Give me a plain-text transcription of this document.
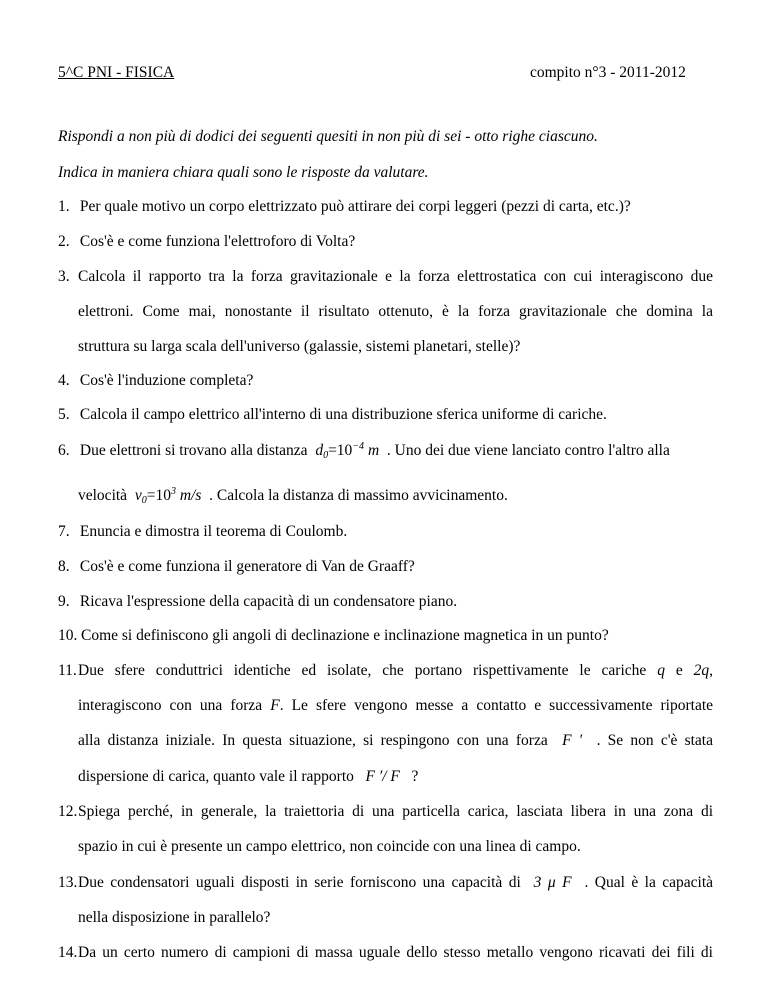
5^C PNI - FISICA	compito n°3 - 2011-2012
Rispondi a non più di dodici dei seguenti quesiti in non più di sei - otto righe ciascuno.
Indica in maniera chiara quali sono le risposte da valutare.
1. Per quale motivo un corpo elettrizzato può attirare dei corpi leggeri (pezzi di carta, etc.)?
2. Cos'è e come funziona l'elettroforo di Volta?
3. Calcola il rapporto tra la forza gravitazionale e la forza elettrostatica con cui interagiscono due
elettroni. Come mai, nonostante il risultato ottenuto, è la forza gravitazionale che domina la
struttura su larga scala dell'universo (galassie, sistemi planetari, stelle)?
4. Cos'è l'induzione completa?
5. Calcola il campo elettrico all'interno di una distribuzione sferica uniforme di cariche.
6. Due elettroni si trovano alla distanza $d_0=10^{-4}$ m . Uno dei due viene lanciato contro l'altro alla
velocità $v_0=10^3$ m/s . Calcola la distanza di massimo avvicinamento.
7. Enuncia e dimostra il teorema di Coulomb.
8. Cos'è e come funziona il generatore di Van de Graaff?
9. Ricava l'espressione della capacità di un condensatore piano.
10. Come si definiscono gli angoli di declinazione e inclinazione magnetica in un punto?
11. Due sfere conduttrici identiche ed isolate, che portano rispettivamente le cariche q e 2q,
interagiscono con una forza F. Le sfere vengono messe a contatto e successivamente riportate
alla distanza iniziale. In questa situazione, si respingono con una forza F ′ . Se non c'è stata
dispersione di carica, quanto vale il rapporto F ′/ F ?
12. Spiega perché, in generale, la traiettoria di una particella carica, lasciata libera in una zona di
spazio in cui è presente un campo elettrico, non coincide con una linea di campo.
13. Due condensatori uguali disposti in serie forniscono una capacità di 3 μ F . Qual è la capacità
nella disposizione in parallelo?
14. Da un certo numero di campioni di massa uguale dello stesso metallo vengono ricavati dei fili di
